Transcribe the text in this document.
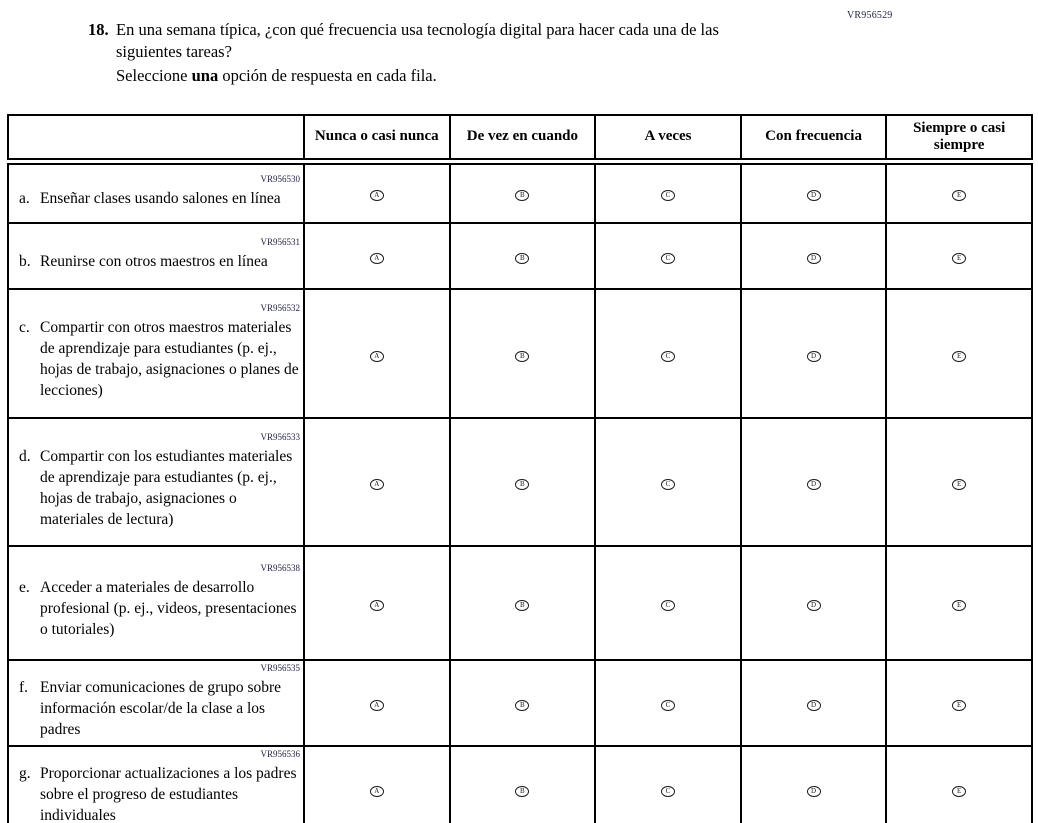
VR956529
18. En una semana típica, ¿con qué frecuencia usa tecnología digital para hacer cada una de las siguientes tareas?
Seleccione una opción de respuesta en cada fila.
	Nunca o casi nunca	De vez en cuando	A veces	Con frecuencia	Siempre o casi siempre

VR956530
a. Enseñar clases usando salones en línea	A	B	C	D	E

VR956531
b. Reunirse con otros maestros en línea	A	B	C	D	E

VR956532
c. Compartir con otros maestros materiales de aprendizaje para estudiantes (p. ej., hojas de trabajo, asignaciones o planes de lecciones)	A	B	C	D	E

VR956533
d. Compartir con los estudiantes materiales de aprendizaje para estudiantes (p. ej., hojas de trabajo, asignaciones o materiales de lectura)	A	B	C	D	E

VR956538
e. Acceder a materiales de desarrollo profesional (p. ej., videos, presentaciones o tutoriales)	A	B	C	D	E

VR956535
f. Enviar comunicaciones de grupo sobre información escolar/de la clase a los padres	A	B	C	D	E

VR956536
g. Proporcionar actualizaciones a los padres sobre el progreso de estudiantes individuales	A	B	C	D	E
